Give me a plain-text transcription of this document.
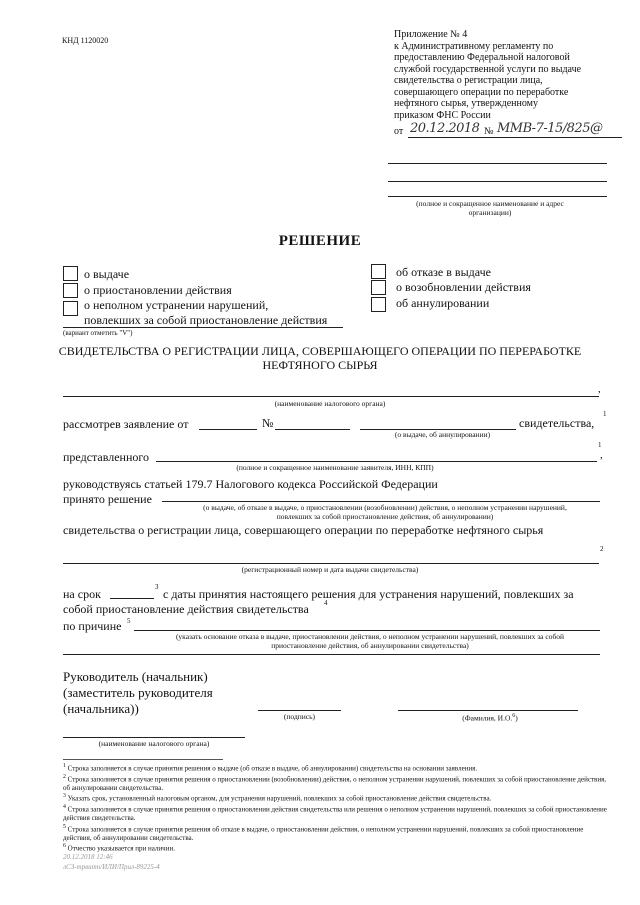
КНД 1120020
Приложение № 4
к Административному регламенту по
предоставлению Федеральной налоговой
службой государственной услуги по выдаче
свидетельства о регистрации лица,
совершающего операции по переработке
нефтяного сырья, утвержденному
приказом ФНС России
от 20.12.2018 № ММВ-7-15/825@
(полное и сокращенное наименование и адрес организации)
РЕШЕНИЕ
о выдаче
о приостановлении действия
о неполном устранении нарушений,
повлекших за собой приостановление действия
об отказе в выдаче
о возобновлении действия
об аннулировании
(вариант отметить "V")
СВИДЕТЕЛЬСТВА О РЕГИСТРАЦИИ ЛИЦА, СОВЕРШАЮЩЕГО ОПЕРАЦИИ ПО ПЕРЕРАБОТКЕ
НЕФТЯНОГО СЫРЬЯ
,
(наименование налогового органа)
рассмотрев заявление от	№	свидетельства,
1
(о выдаче, об аннулировании)
представленного
1
,
(полное и сокращенное наименование заявителя, ИНН, КПП)
руководствуясь статьей 179.7 Налогового кодекса Российской Федерации
принято решение
(о выдаче, об отказе в выдаче, о приостановлении (возобновлении) действия, о неполном устранении нарушений,
повлекших за собой приостановление действия, об аннулировании)
свидетельства о регистрации лица, совершающего операции по переработке нефтяного сырья
2
(регистрационный номер и дата выдачи свидетельства)
на срок	3 с даты принятия настоящего решения для устранения нарушений, повлекших за
собой приостановление действия свидетельства 4
по причине 5
(указать основание отказа в выдаче, приостановлении действия, о неполном устранении нарушений, повлекших за собой
приостановление действия, об аннулировании свидетельства)
Руководитель (начальник)
(заместитель руководителя
(начальника))
(подпись)	(Фамилия, И.О.$^6$)
(наименование налогового органа)
$^1$ Строка заполняется в случае принятия решения о выдаче (об отказе в выдаче, об аннулировании) свидетельства на основании заявления.
$^2$ Строка заполняется в случае принятия решения о приостановлении (возобновлении) действия, о неполном устранении нарушений, повлекших за собой приостановление действия, об аннулировании свидетельства.
$^3$ Указать срок, установленный налоговым органом, для устранения нарушений, повлекших за собой приостановление действия свидетельства.
$^4$ Строка заполняется в случае принятия решения о приостановлении действия свидетельства или решения о неполном устранении нарушений, повлекших за собой приостановление действия свидетельства.
$^5$ Строка заполняется в случае принятия решения об отказе в выдаче, о приостановлении действия, о неполном устранении нарушений, повлекших за собой приостановление действия, об аннулировании свидетельства.
$^6$ Отчество указывается при наличии.
20.12.2018 12:46
лСЗ-трвитп/ИЛИ/Прил-89225-4
